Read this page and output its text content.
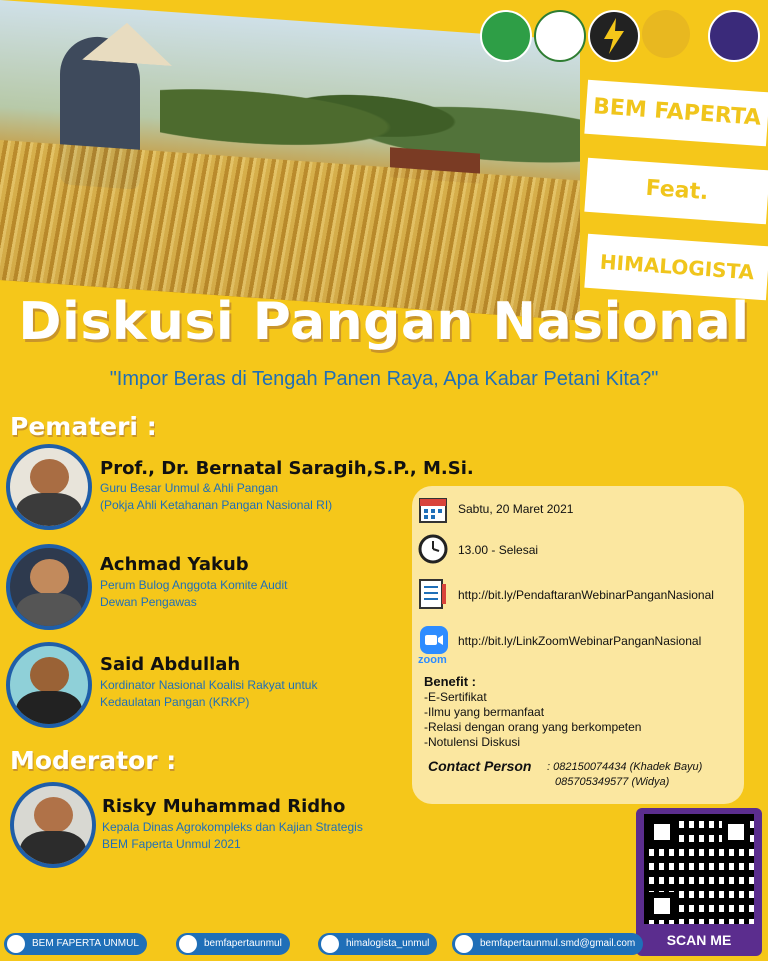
BEM FAPERTA
Feat.
HIMALOGISTA
Diskusi Pangan Nasional
"Impor Beras di Tengah Panen Raya, Apa Kabar Petani Kita?"
Pemateri :
Prof., Dr. Bernatal Saragih,S.P., M.Si.
Guru Besar Unmul & Ahli Pangan
(Pokja Ahli Ketahanan Pangan Nasional RI)
Achmad Yakub
Perum Bulog Anggota Komite Audit
Dewan Pengawas
Said Abdullah
Kordinator Nasional Koalisi Rakyat untuk
Kedaulatan Pangan (KRKP)
Moderator :
Risky Muhammad Ridho
Kepala Dinas Agrokompleks dan Kajian Strategis
BEM Faperta Unmul 2021
Sabtu, 20 Maret 2021
13.00 - Selesai
http://bit.ly/PendaftaranWebinarPanganNasional
zoom
http://bit.ly/LinkZoomWebinarPanganNasional
Benefit :
-E-Sertifikat
-Ilmu yang bermanfaat
-Relasi dengan orang yang berkompeten
-Notulensi Diskusi
Contact Person : 082150074434 (Khadek Bayu)
085705349577 (Widya)
SCAN ME
BEM FAPERTA UNMUL	bemfapertaunmul	himalogista_unmul	bemfapertaunmul.smd@gmail.com
